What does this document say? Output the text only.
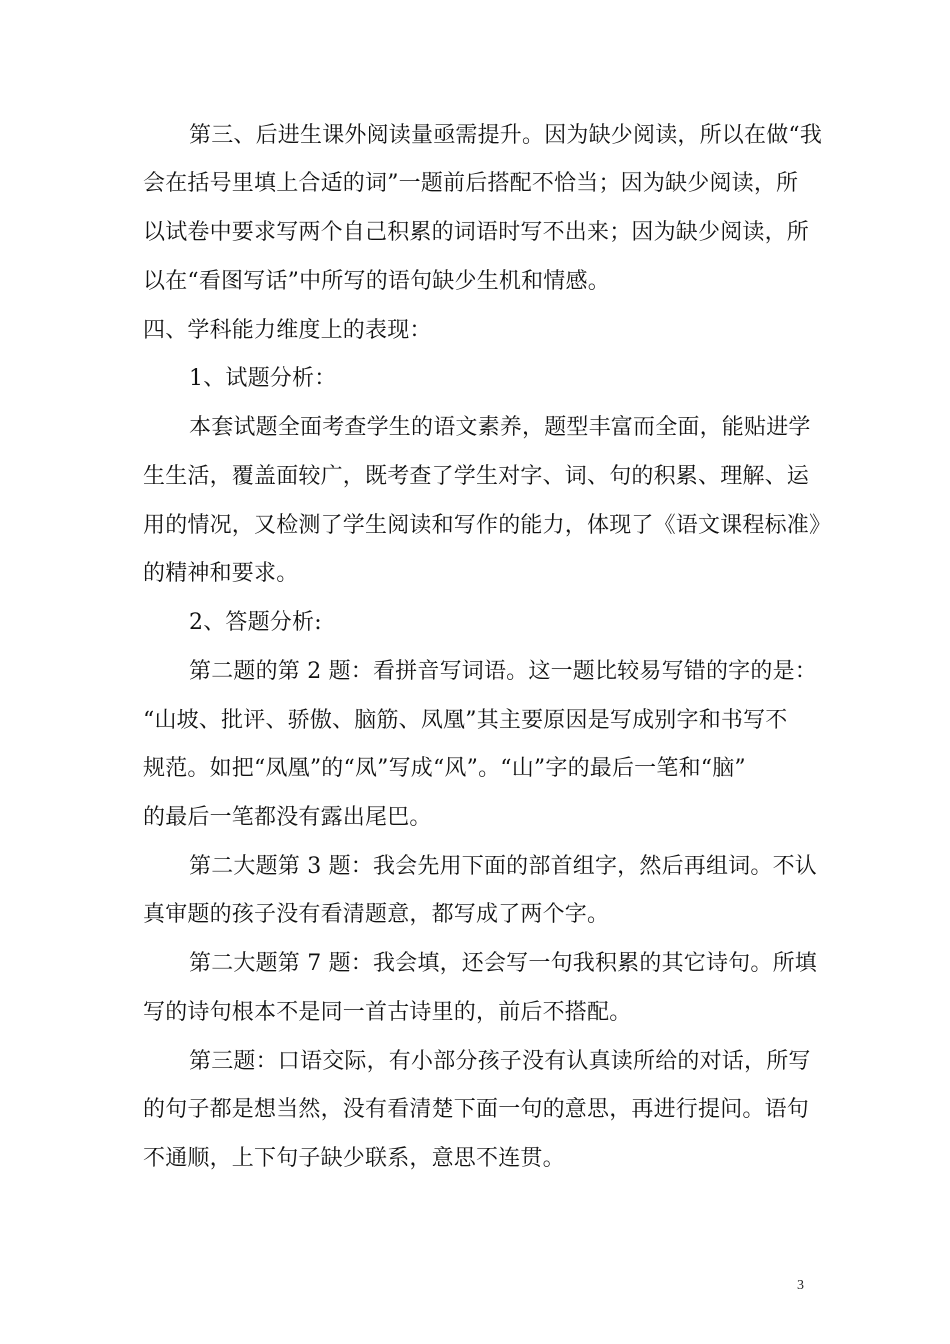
第三、后进生课外阅读量亟需提升。因为缺少阅读，所以在做“我
会在括号里填上合适的词”一题前后搭配不恰当；因为缺少阅读，所
以试卷中要求写两个自己积累的词语时写不出来；因为缺少阅读，所
以在“看图写话”中所写的语句缺少生机和情感。
四、学科能力维度上的表现：
1、试题分析：
本套试题全面考查学生的语文素养，题型丰富而全面，能贴进学
生生活，覆盖面较广，既考查了学生对字、词、句的积累、理解、运
用的情况，又检测了学生阅读和写作的能力，体现了《语文课程标准》
的精神和要求。
2、答题分析:
第二题的第 2 题：看拼音写词语。这一题比较易写错的字的是：
“山坡、批评、骄傲、脑筋、凤凰”其主要原因是写成别字和书写不
规范。如把“凤凰”的“凤”写成“风”。“山”字的最后一笔和“脑”
的最后一笔都没有露出尾巴。
第二大题第 3 题：我会先用下面的部首组字，然后再组词。不认
真审题的孩子没有看清题意，都写成了两个字。
第二大题第 7 题：我会填，还会写一句我积累的其它诗句。所填
写的诗句根本不是同一首古诗里的，前后不搭配。
第三题：口语交际，有小部分孩子没有认真读所给的对话，所写
的句子都是想当然，没有看清楚下面一句的意思，再进行提问。语句
不通顺，上下句子缺少联系，意思不连贯。
3
